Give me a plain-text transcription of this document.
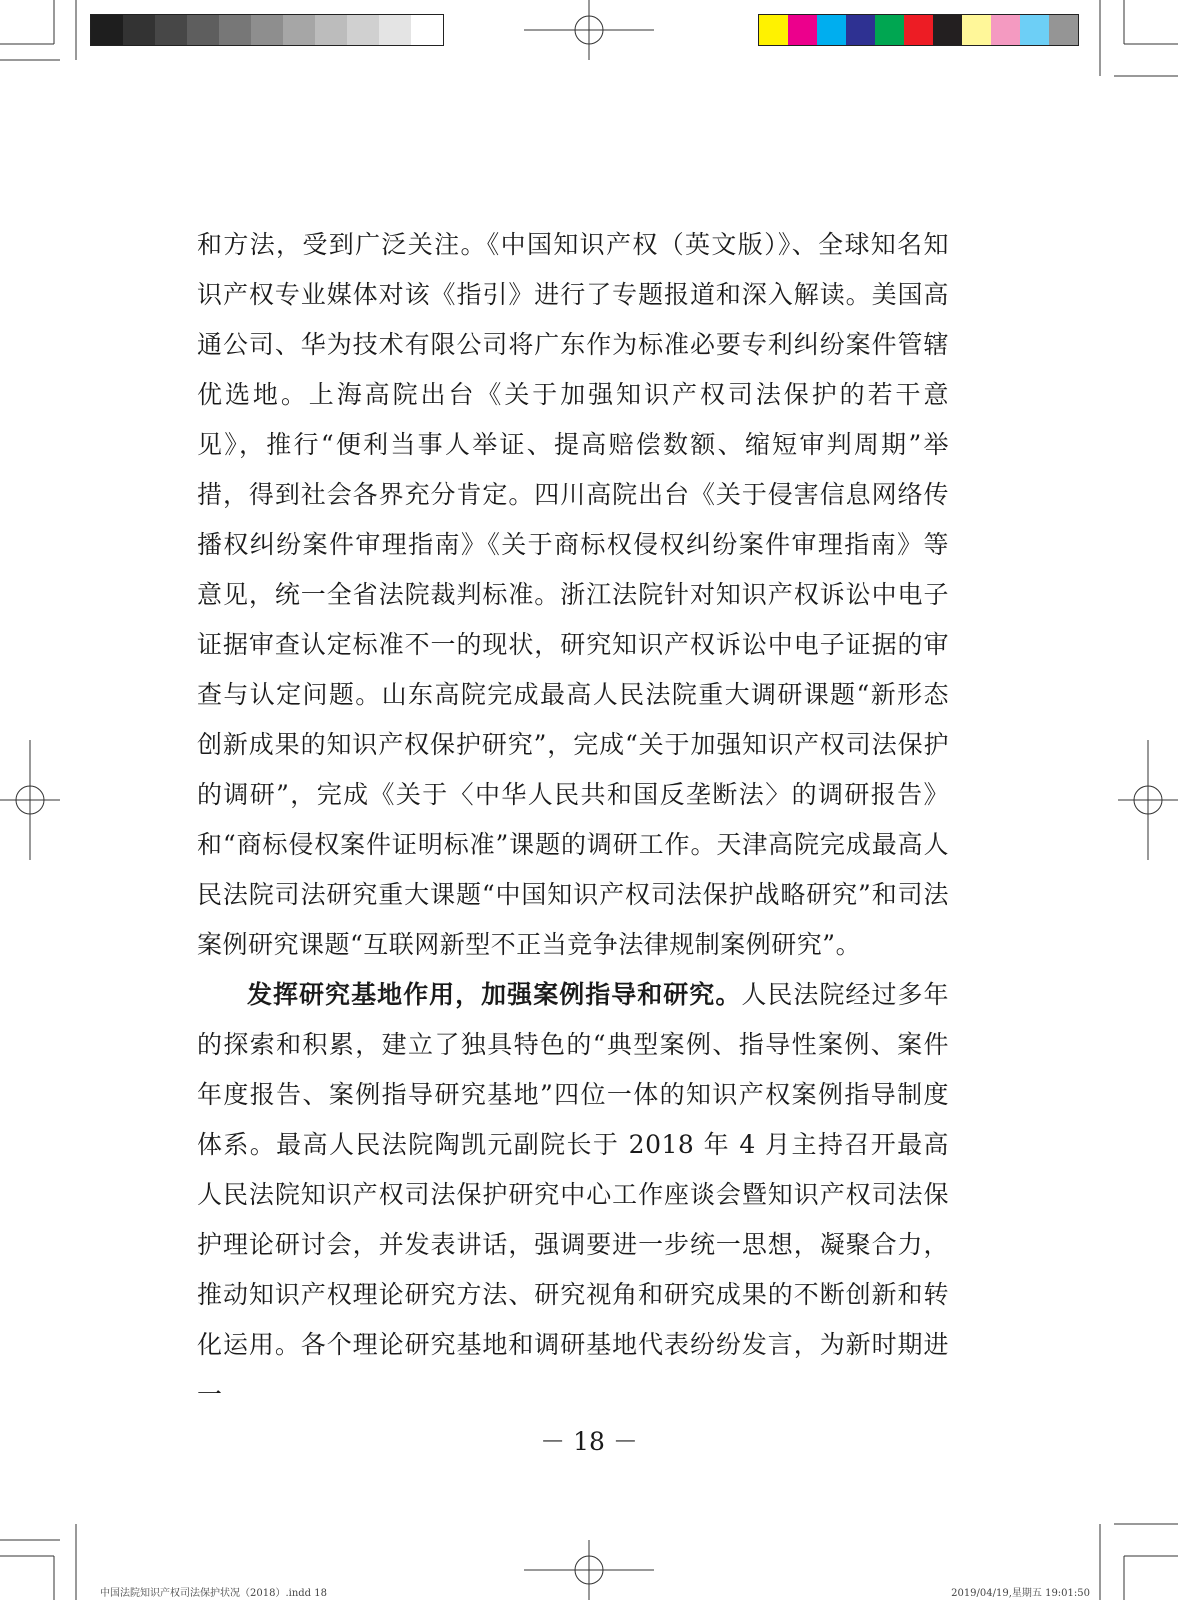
和方法，受到广泛关注。《中国知识产权（英文版）》、全球知名知识产权专业媒体对该《指引》进行了专题报道和深入解读。美国高通公司、华为技术有限公司将广东作为标准必要专利纠纷案件管辖优选地。上海高院出台《关于加强知识产权司法保护的若干意见》，推行“便利当事人举证、提高赔偿数额、缩短审判周期”举措，得到社会各界充分肯定。四川高院出台《关于侵害信息网络传播权纠纷案件审理指南》《关于商标权侵权纠纷案件审理指南》等意见，统一全省法院裁判标准。浙江法院针对知识产权诉讼中电子证据审查认定标准不一的现状，研究知识产权诉讼中电子证据的审查与认定问题。山东高院完成最高人民法院重大调研课题“新形态创新成果的知识产权保护研究”，完成“关于加强知识产权司法保护的调研”，完成《关于〈中华人民共和国反垄断法〉的调研报告》和“商标侵权案件证明标准”课题的调研工作。天津高院完成最高人民法院司法研究重大课题“中国知识产权司法保护战略研究”和司法案例研究课题“互联网新型不正当竞争法律规制案例研究”。

发挥研究基地作用，加强案例指导和研究。人民法院经过多年的探索和积累，建立了独具特色的“典型案例、指导性案例、案件年度报告、案例指导研究基地”四位一体的知识产权案例指导制度体系。最高人民法院陶凯元副院长于 2018 年 4 月主持召开最高人民法院知识产权司法保护研究中心工作座谈会暨知识产权司法保护理论研讨会，并发表讲话，强调要进一步统一思想，凝聚合力，推动知识产权理论研究方法、研究视角和研究成果的不断创新和转化运用。各个理论研究基地和调研基地代表纷纷发言，为新时期进一

－ 18 －
中国法院知识产权司法保护状况（2018）.indd 18	2019/04/19,星期五 19:01:50
